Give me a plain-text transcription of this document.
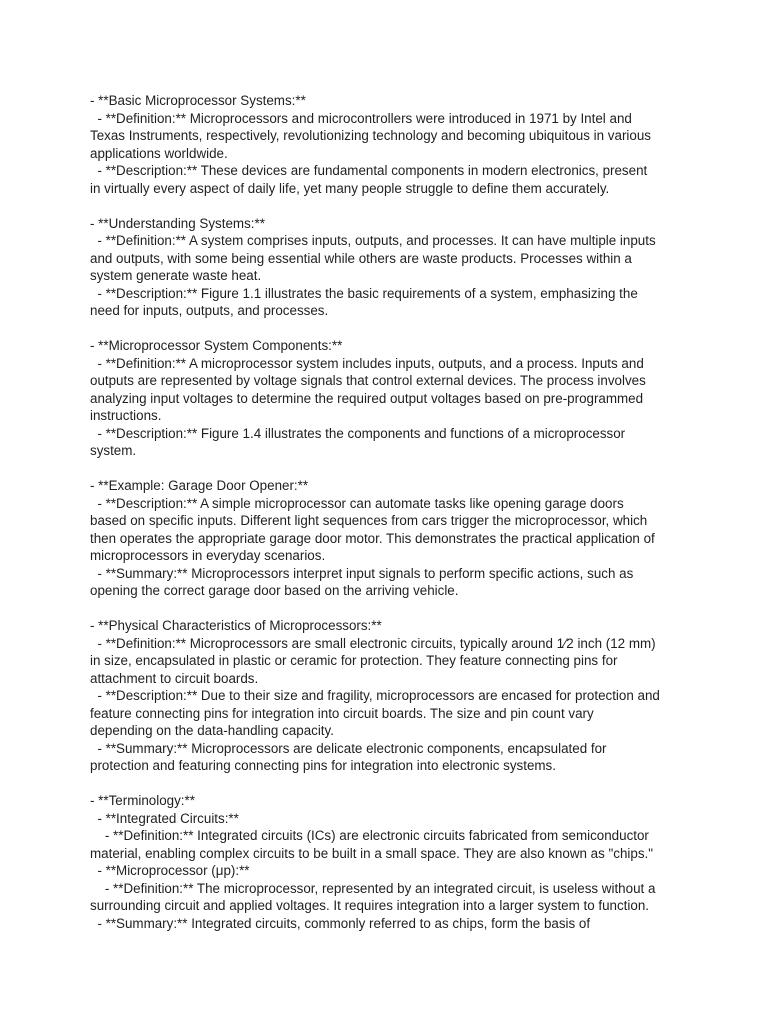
- **Basic Microprocessor Systems:**
- **Definition:** Microprocessors and microcontrollers were introduced in 1971 by Intel and
Texas Instruments, respectively, revolutionizing technology and becoming ubiquitous in various
applications worldwide.
- **Description:** These devices are fundamental components in modern electronics, present
in virtually every aspect of daily life, yet many people struggle to define them accurately.
- **Understanding Systems:**
- **Definition:** A system comprises inputs, outputs, and processes. It can have multiple inputs
and outputs, with some being essential while others are waste products. Processes within a
system generate waste heat.
- **Description:** Figure 1.1 illustrates the basic requirements of a system, emphasizing the
need for inputs, outputs, and processes.
- **Microprocessor System Components:**
- **Definition:** A microprocessor system includes inputs, outputs, and a process. Inputs and
outputs are represented by voltage signals that control external devices. The process involves
analyzing input voltages to determine the required output voltages based on pre-programmed
instructions.
- **Description:** Figure 1.4 illustrates the components and functions of a microprocessor
system.
- **Example: Garage Door Opener:**
- **Description:** A simple microprocessor can automate tasks like opening garage doors
based on specific inputs. Different light sequences from cars trigger the microprocessor, which
then operates the appropriate garage door motor. This demonstrates the practical application of
microprocessors in everyday scenarios.
- **Summary:** Microprocessors interpret input signals to perform specific actions, such as
opening the correct garage door based on the arriving vehicle.
- **Physical Characteristics of Microprocessors:**
- **Definition:** Microprocessors are small electronic circuits, typically around 1⁄2 inch (12 mm)
in size, encapsulated in plastic or ceramic for protection. They feature connecting pins for
attachment to circuit boards.
- **Description:** Due to their size and fragility, microprocessors are encased for protection and
feature connecting pins for integration into circuit boards. The size and pin count vary
depending on the data-handling capacity.
- **Summary:** Microprocessors are delicate electronic components, encapsulated for
protection and featuring connecting pins for integration into electronic systems.
- **Terminology:**
- **Integrated Circuits:**
- **Definition:** Integrated circuits (ICs) are electronic circuits fabricated from semiconductor
material, enabling complex circuits to be built in a small space. They are also known as "chips."
- **Microprocessor (μp):**
- **Definition:** The microprocessor, represented by an integrated circuit, is useless without a
surrounding circuit and applied voltages. It requires integration into a larger system to function.
- **Summary:** Integrated circuits, commonly referred to as chips, form the basis of
